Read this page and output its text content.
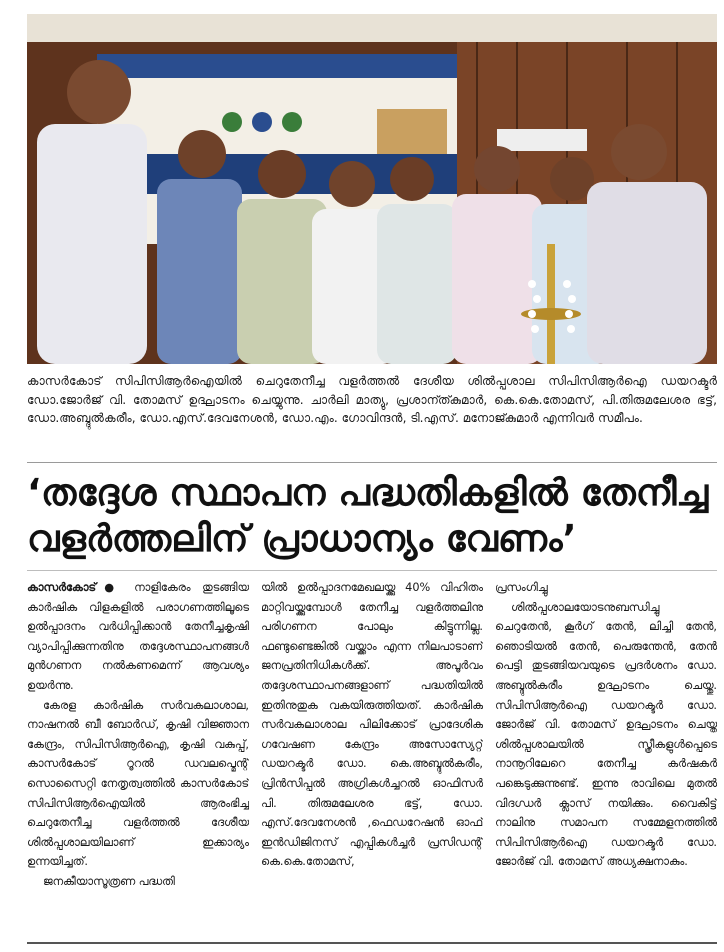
കാസർകോട് സിപിസിആർഐയിൽ ചെറുതേനീച്ച വളർത്തൽ ദേശീയ ശിൽപ്പശാല സിപിസിആർഐ ഡയറക്ടർ ഡോ.ജോർജ് വി. തോമസ് ഉദ്ഘാടനം ചെയ്യുന്നു. ചാർലി മാത്യു, പ്രശാന്ത്കുമാർ, കെ.കെ.തോമസ്, പി.തിരുമലേശര ഭട്ട്, ഡോ.അബ്ദുൽകരീം, ഡോ.എസ്.ദേവനേശൻ, ഡോ.എം. ഗോവിന്ദൻ, ടി.എസ്. മനോജ്കുമാർ എന്നിവർ സമീപം.

‘തദ്ദേശ സ്ഥാപന പദ്ധതികളിൽ തേനീച്ച
വളർത്തലിന് പ്രാധാന്യം വേണം’

കാസർകോട്● നാളികേരം തുടങ്ങിയ കാർഷിക വിളകളിൽ പരാഗണത്തിലൂടെ ഉൽപ്പാദനം വർധിപ്പിക്കാൻ തേനീച്ചകൃഷി വ്യാപിപ്പിക്കുന്നതിനു തദ്ദേശസ്ഥാപനങ്ങൾ മുൻഗണന നൽകണമെന്ന് ആവശ്യം ഉയർന്നു.

കേരള കാർഷിക സർവകലാശാല, നാഷനൽ ബീ ബോർഡ്, കൃഷി വിജ്ഞാന കേന്ദ്രം, സിപിസിആർഐ, കൃഷി വകുപ്പ്, കാസർകോട് റൂറൽ ഡവലപ്മെന്റ് സൊസൈറ്റി നേതൃത്വത്തിൽ കാസർകോട് സിപിസിആർഐയിൽ ആരംഭിച്ച ചെറുതേനീച്ച വളർത്തൽ ദേശീയ ശിൽപ്പശാലയിലാണ് ഇക്കാര്യം ഉന്നയിച്ചത്.

ജനകീയാസൂത്രണ പദ്ധതി

യിൽ ഉൽപ്പാദനമേഖലയ്ക്കു 40% വിഹിതം മാറ്റിവയ്ക്കുമ്പോൾ തേനീച്ച വളർത്തലിനു പരിഗണന പോലും കിട്ടുന്നില്ല. ഫണ്ടുണ്ടെങ്കിൽ വയ്ക്കാം എന്ന നിലപാടാണ് ജനപ്രതിനിധികൾക്ക്. അപൂർവം തദ്ദേശസ്ഥാപനങ്ങളാണ് പദ്ധതിയിൽ ഇതിനുതുക വകയിരുത്തിയത്. കാർഷിക സർവകലാശാല പിലിക്കോട് പ്രാദേശിക ഗവേഷണ കേന്ദ്രം അസോസ്യേറ്റ് ഡയറക്ടർ ഡോ. കെ.അബ്ദുൽകരീം, പ്രിൻസിപ്പൽ അഗ്രികൾച്ചറൽ ഓഫിസർ പി. തിരുമലേശര ഭട്ട്, ഡോ. എസ്.ദേവനേശൻ ,ഫെഡറേഷൻ ഓഫ് ഇൻഡിജിനസ് എപ്പികൾച്ചർ പ്രസിഡന്റ് കെ.കെ.തോമസ്,

പ്രസംഗിച്ചു

ശിൽപ്പശാലയോടനുബന്ധിച്ചു ചെറുതേൻ, കൂർഗ് തേൻ, ലിച്ചി തേൻ, ഞൊടിയൽ തേൻ, പെരുന്തേൻ, തേൻ പെട്ടി തുടങ്ങിയവയുടെ പ്രദർശനം ഡോ. അബ്ദുൽകരീം ഉദ്ഘാടനം ചെയ്തു. സിപിസിആർഐ ഡയറക്ടർ ഡോ. ജോർജ് വി. തോമസ് ഉദ്ഘാടനം ചെയ്ത ശിൽപ്പശാലയിൽ സ്ത്രീകളുൾപ്പെടെ നാനൂറിലേറെ തേനീച്ച കർഷകർ പങ്കെടുക്കുന്നുണ്ട്. ഇന്നു രാവിലെ മുതൽ വിദഗ്ധർ ക്ലാസ് നയിക്കും. വൈകിട്ട് നാലിനു സമാപന സമ്മേളനത്തിൽ സിപിസിആർഐ ഡയറക്ടർ ഡോ. ജോർജ് വി. തോമസ് അധ്യക്ഷനാകും.
